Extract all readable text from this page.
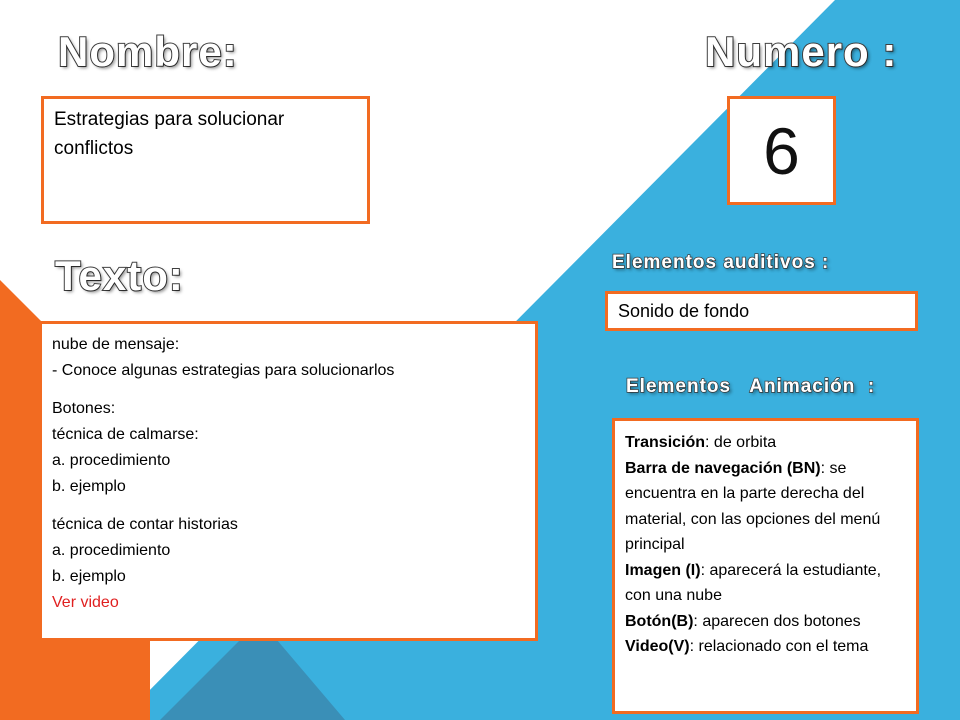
Nombre:	Numero :
Texto:	Elementos auditivos :
Elementos   Animación  :
Estrategias para solucionar conflictos	6
Sonido de fondo
nube de mensaje:
- Conoce algunas estrategias para solucionarlos
Botones:
técnica de calmarse:
a. procedimiento
b. ejemplo
técnica de contar historias
a. procedimiento
b. ejemplo
Ver video
Transición: de orbita
Barra de navegación (BN): se encuentra en la parte derecha del material, con las opciones del menú principal
Imagen (I): aparecerá la estudiante, con una nube
Botón(B): aparecen dos botones
Video(V): relacionado con el tema
